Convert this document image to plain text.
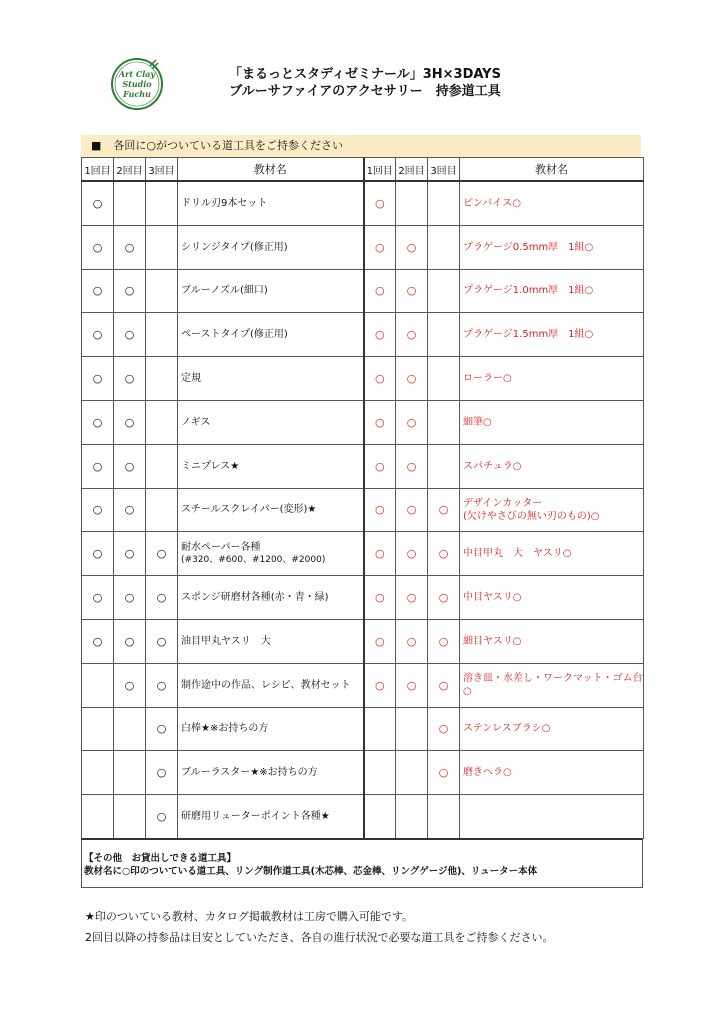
Art Clay
Studio
Fuchu
「まるっとスタディゼミナール」3H×3DAYS
ブルーサファイアのアクセサリー　持参道工具
■ 各回に○がついている道工具をご持参ください
1回目	2回目	3回目	教材名	1回目	2回目	3回目	教材名
○			ドリル刃9本セット	○			ピンバイス○
○	○		シリンジタイプ(修正用)	○	○		プラゲージ0.5mm厚　1組○
○	○		ブルーノズル(細口)	○	○		プラゲージ1.0mm厚　1組○
○	○		ペーストタイプ(修正用)	○	○		プラゲージ1.5mm厚　1組○
○	○		定規	○	○		ローラー○
○	○		ノギス	○	○		細筆○
○	○		ミニプレス★	○	○		スパチュラ○
○	○		スチールスクレイパー(変形)★	○	○	○	デザインカッター
(欠けやさびの無い刃のもの)○
○	○	○	耐水ペーパー各種
(#320、#600、#1200、#2000)	○	○	○	中目甲丸　大　ヤスリ○
○	○	○	スポンジ研磨材各種(赤・青・緑)	○	○	○	中目ヤスリ○
○	○	○	油目甲丸ヤスリ　大	○	○	○	細目ヤスリ○
	○	○	制作途中の作品、レシピ、教材セット	○	○	○	溶き皿・水差し・ワークマット・ゴム台○
		○	白棒★※お持ちの方			○	ステンレスブラシ○
		○	ブルーラスター★※お持ちの方			○	磨きヘラ○
		○	研磨用リューターポイント各種★				

【その他　お貸出しできる道工具】
教材名に○印のついている道工具、リング制作道工具(木芯棒、芯金棒、リングゲージ他)、リューター本体
★印のついている教材、カタログ掲載教材は工房で購入可能です。
2回目以降の持参品は目安としていただき、各自の進行状況で必要な道工具をご持参ください。
